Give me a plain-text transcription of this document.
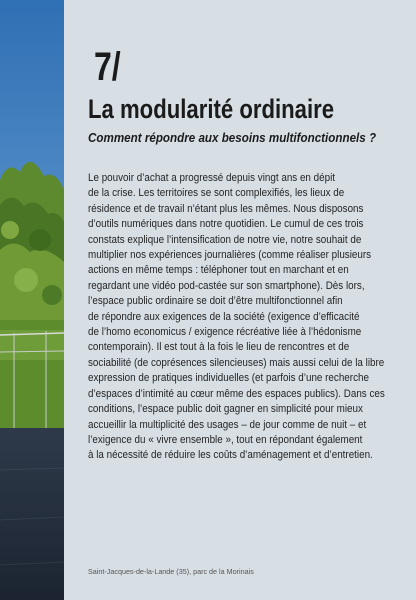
7/
La modularité ordinaire
Comment répondre aux besoins multifonctionnels ?
Le pouvoir d’achat a progressé depuis vingt ans en dépit
de la crise. Les territoires se sont complexifiés, les lieux de
résidence et de travail n’étant plus les mêmes. Nous disposons
d’outils numériques dans notre quotidien. Le cumul de ces trois
constats explique l’intensification de notre vie, notre souhait de
multiplier nos expériences journalières (comme réaliser plusieurs
actions en même temps : téléphoner tout en marchant et en
regardant une vidéo pod-castée sur son smartphone). Dès lors,
l’espace public ordinaire se doit d’être multifonctionnel afin
de répondre aux exigences de la société (exigence d’efficacité
de l’homo economicus / exigence récréative liée à l’hédonisme
contemporain). Il est tout à la fois le lieu de rencontres et de
sociabilité (de coprésences silencieuses) mais aussi celui de la libre
expression de pratiques individuelles (et parfois d’une recherche
d’espaces d’intimité au cœur même des espaces publics). Dans ces
conditions, l’espace public doit gagner en simplicité pour mieux
accueillir la multiplicité des usages – de jour comme de nuit – et
l’exigence du « vivre ensemble », tout en répondant également
à la nécessité de réduire les coûts d’aménagement et d’entretien.
Saint-Jacques-de-la-Lande (35), parc de la Morinais
